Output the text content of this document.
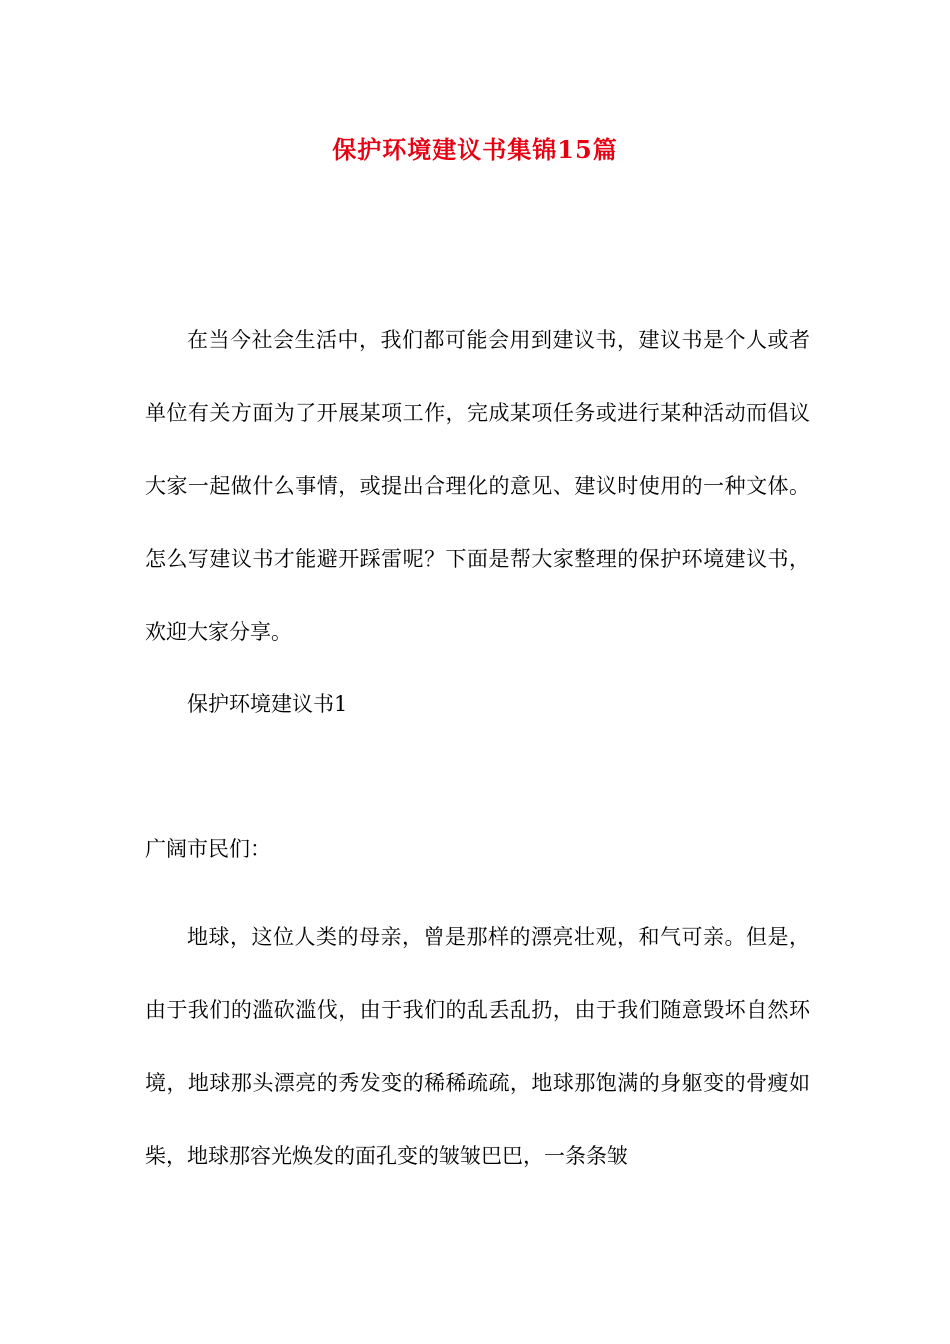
保护环境建议书集锦15篇

在当今社会生活中，我们都可能会用到建议书，建议书是个人或者单位有关方面为了开展某项工作，完成某项任务或进行某种活动而倡议大家一起做什么事情，或提出合理化的意见、建议时使用的一种文体。怎么写建议书才能避开踩雷呢？下面是帮大家整理的保护环境建议书，欢迎大家分享。

保护环境建议书1

广阔市民们：

地球，这位人类的母亲，曾是那样的漂亮壮观，和气可亲。但是，由于我们的滥砍滥伐，由于我们的乱丢乱扔，由于我们随意毁坏自然环境，地球那头漂亮的秀发变的稀稀疏疏，地球那饱满的身躯变的骨瘦如柴，地球那容光焕发的面孔变的皱皱巴巴，一条条皱
